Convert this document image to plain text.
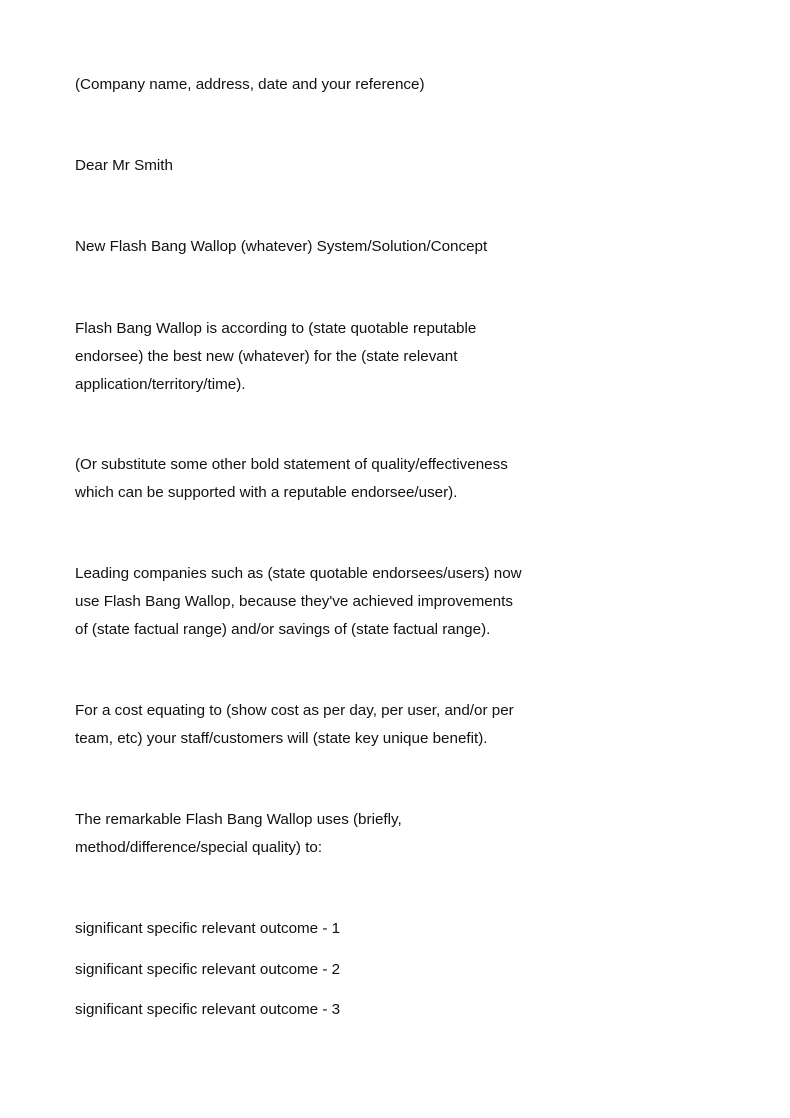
(Company name, address, date and your reference)

Dear Mr Smith

New Flash Bang Wallop (whatever) System/Solution/Concept

Flash Bang Wallop is according to (state quotable reputable
endorsee) the best new (whatever) for the (state relevant
application/territory/time).

(Or substitute some other bold statement of quality/effectiveness
which can be supported with a reputable endorsee/user).

Leading companies such as (state quotable endorsees/users) now
use Flash Bang Wallop, because they've achieved improvements
of (state factual range) and/or savings of (state factual range).

For a cost equating to (show cost as per day, per user, and/or per
team, etc) your staff/customers will (state key unique benefit).

The remarkable Flash Bang Wallop uses (briefly,
method/difference/special quality) to:

significant specific relevant outcome - 1

significant specific relevant outcome - 2

significant specific relevant outcome - 3
